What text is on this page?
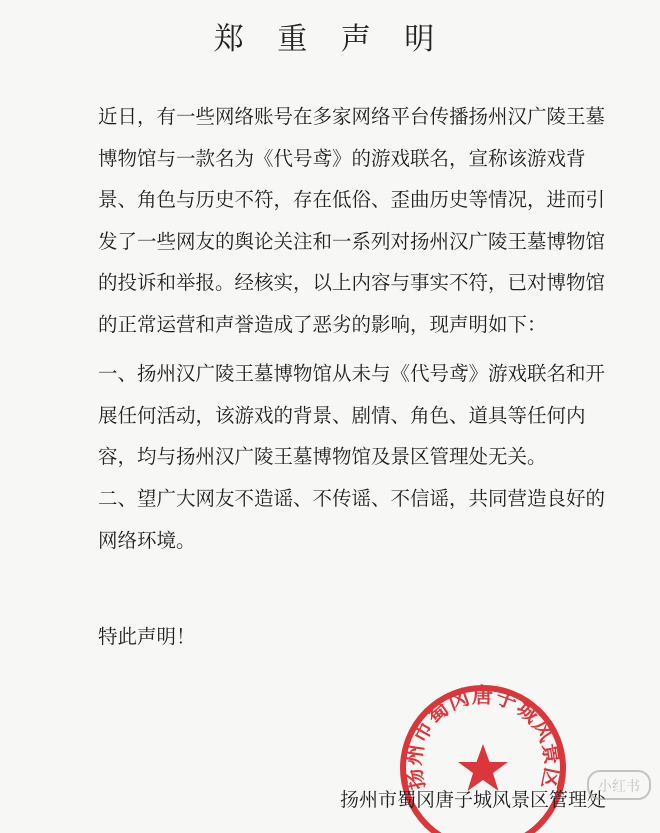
郑 重 声 明
近日，有一些网络账号在多家网络平台传播扬州汉广陵王墓博物馆与一款名为《代号鸢》的游戏联名，宣称该游戏背景、角色与历史不符，存在低俗、歪曲历史等情况，进而引发了一些网友的舆论关注和一系列对扬州汉广陵王墓博物馆的投诉和举报。经核实，以上内容与事实不符，已对博物馆的正常运营和声誉造成了恶劣的影响，现声明如下：
一、扬州汉广陵王墓博物馆从未与《代号鸢》游戏联名和开展任何活动，该游戏的背景、剧情、角色、道具等任何内容，均与扬州汉广陵王墓博物馆及景区管理处无关。
二、望广大网友不造谣、不传谣、不信谣，共同营造良好的网络环境。
特此声明！
扬州市蜀冈唐子城风景区
扬州市蜀冈唐子城风景区管理处
小红书
